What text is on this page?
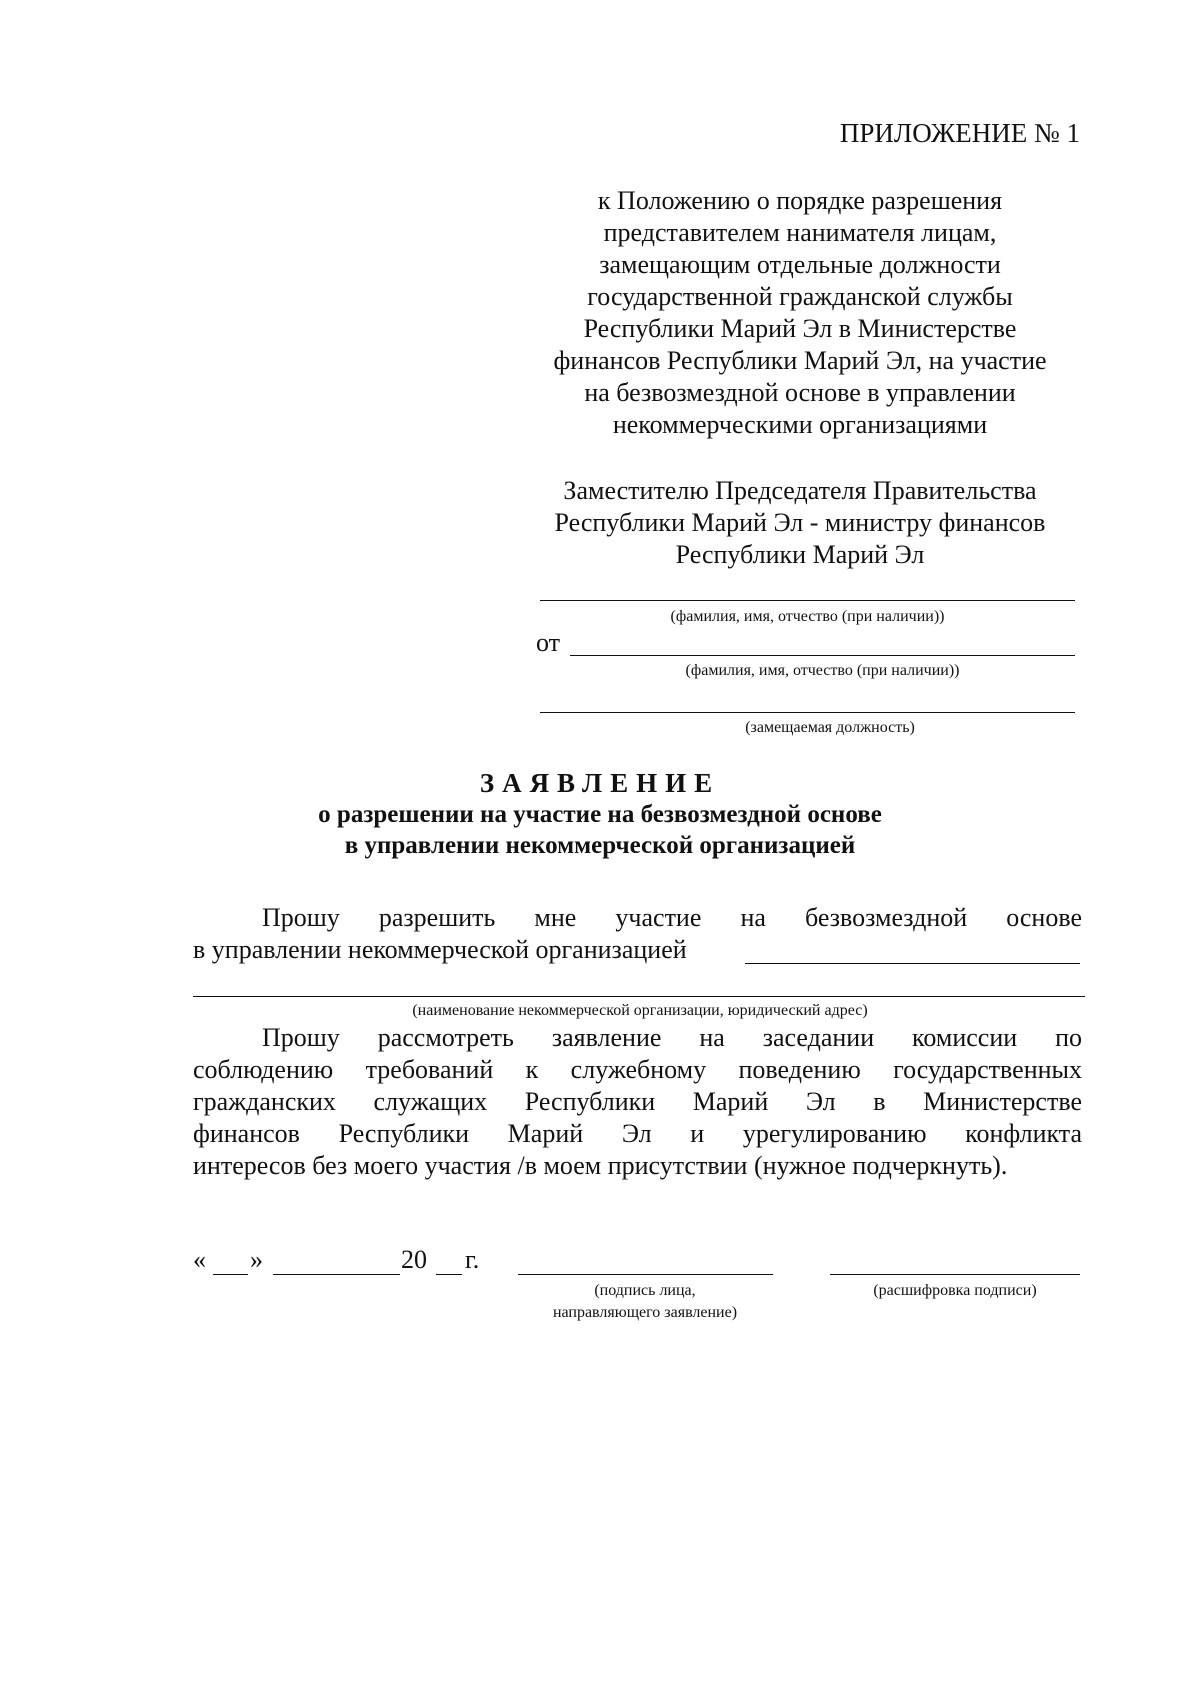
ПРИЛОЖЕНИЕ № 1
к Положению о порядке разрешения
представителем нанимателя лицам,
замещающим отдельные должности
государственной гражданской службы
Республики Марий Эл в Министерстве
финансов Республики Марий Эл, на участие
на безвозмездной основе в управлении
некоммерческими организациями
Заместителю Председателя Правительства
Республики Марий Эл - министру финансов
Республики Марий Эл
(фамилия, имя, отчество (при наличии))
от
(фамилия, имя, отчество (при наличии))
(замещаемая должность)
ЗАЯВЛЕНИЕ
о разрешении на участие на безвозмездной основе
в управлении некоммерческой организацией
Прошу разрешить мне участие на безвозмездной основе
в управлении некоммерческой организацией
(наименование некоммерческой организации, юридический адрес)
Прошу рассмотреть заявление на заседании комиссии по
соблюдению требований к служебному поведению государственных
гражданских служащих Республики Марий Эл в Министерстве
финансов Республики Марий Эл и урегулированию конфликта
интересов без моего участия /в моем присутствии (нужное подчеркнуть).
« »	20 г.
(подпись лица,
направляющего заявление)
(расшифровка подписи)
